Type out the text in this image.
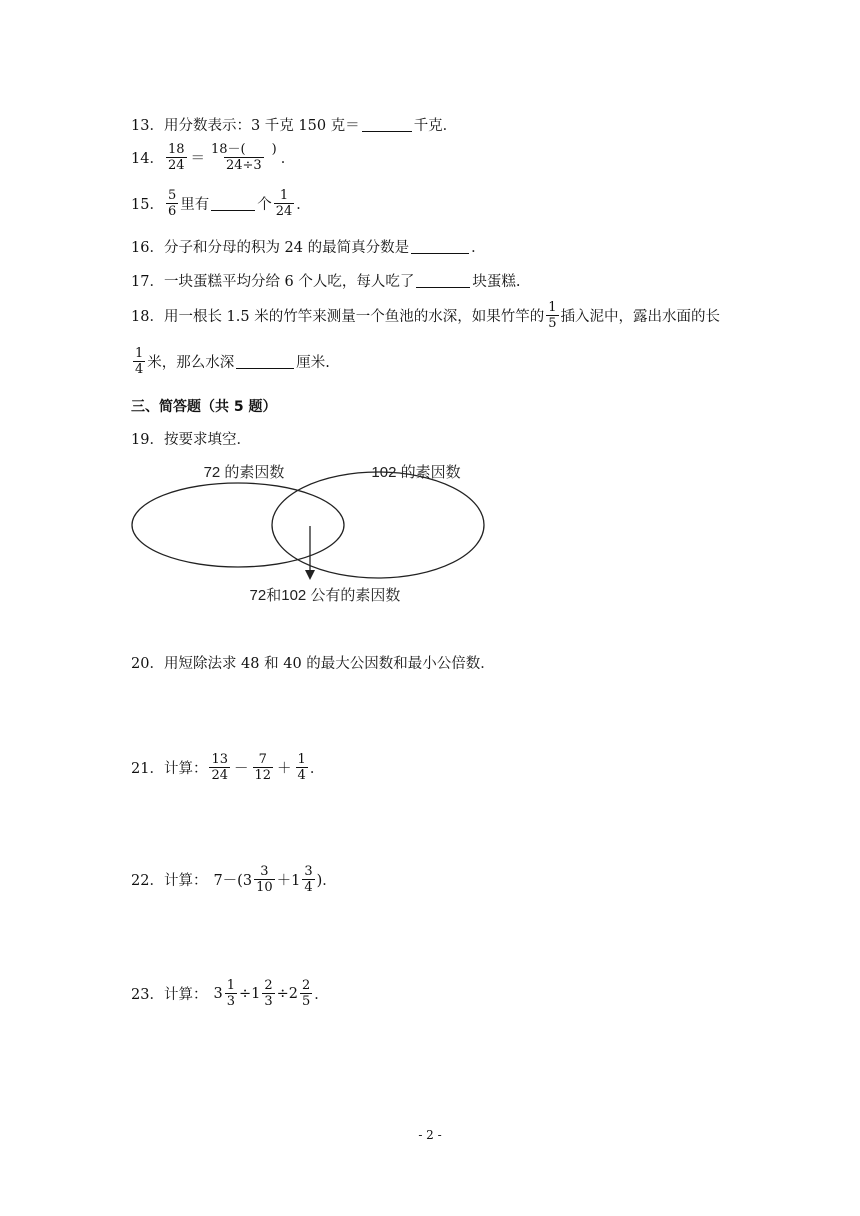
13． 用分数表示：3 千克 150 克＝	千克．
14． $\frac{18}{24} = \frac{18-( )}{24\div 3}$ ．
15． $\frac{5}{6}$ 里有	个 $\frac{1}{24}$ ．
16． 分子和分母的积为 24 的最简真分数是	．
17． 一块蛋糕平均分给 6 个人吃，每人吃了	块蛋糕.
18． 用一根长 1.5 米的竹竿来测量一个鱼池的水深，如果竹竿的 $\frac{1}{5}$ 插入泥中，露出水面的长
$\frac{1}{4}$ 米，那么水深	厘米.
三、简答题（共 5 题）
19． 按要求填空．
72 的素因数	102 的素因数
72和102 公有的素因数
20． 用短除法求 48 和 40 的最大公因数和最小公倍数．
21． 计算： $\frac{13}{24} - \frac{7}{12} + \frac{1}{4}$ ．
22． 计算： $7-(3 \frac{3}{10} +1 \frac{3}{4}$ )．
23． 计算： $3 \frac{1}{3} \div 1 \frac{2}{3} \div 2 \frac{2}{5}$ ．
- 2 -
